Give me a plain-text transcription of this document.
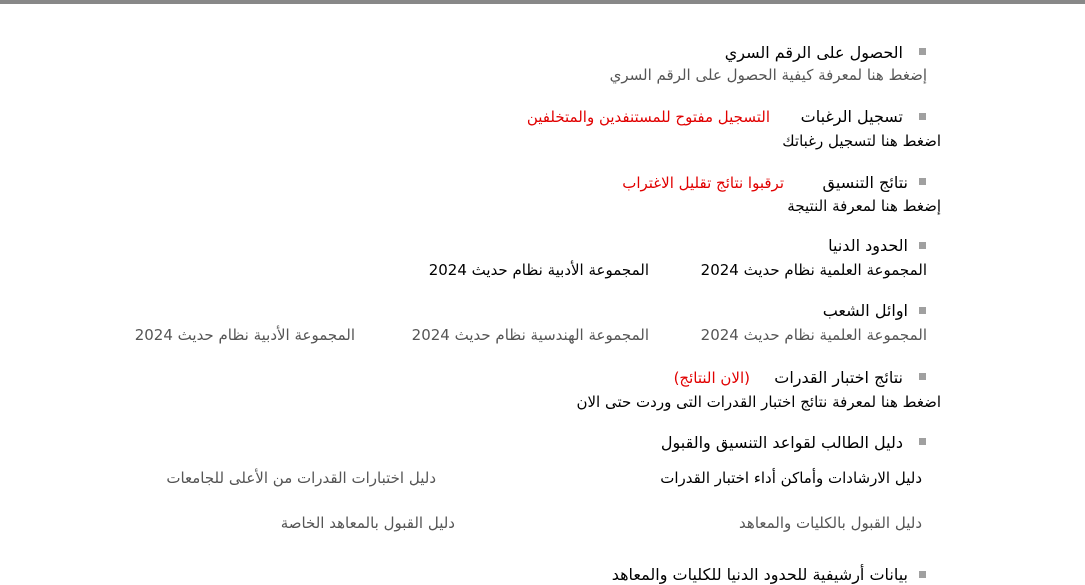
الحصول على الرقم السري
إضغط هنا لمعرفة كيفية الحصول على الرقم السري
تسجيل الرغبات
التسجيل مفتوح للمستنفدين والمتخلفين
اضغط هنا لتسجيل رغباتك
نتائج التنسيق
ترقبوا نتائج تقليل الاغتراب
إضغط هنا لمعرفة النتيجة
الحدود الدنيا
المجموعة العلمية نظام حديث 2024
المجموعة الأدبية نظام حديث 2024
اوائل الشعب
المجموعة العلمية نظام حديث 2024
المجموعة الهندسية نظام حديث 2024
المجموعة الأدبية نظام حديث 2024
نتائج اختبار القدرات
(الان النتائج)
اضغط هنا لمعرفة نتائج اختبار القدرات التى وردت حتى الان
دليل الطالب لقواعد التنسيق والقبول
دليل الارشادات وأماكن أداء اختبار القدرات
دليل اختبارات القدرات من الأعلى للجامعات
دليل القبول بالكليات والمعاهد
دليل القبول بالمعاهد الخاصة
بيانات أرشيفية للحدود الدنيا للكليات والمعاهد
